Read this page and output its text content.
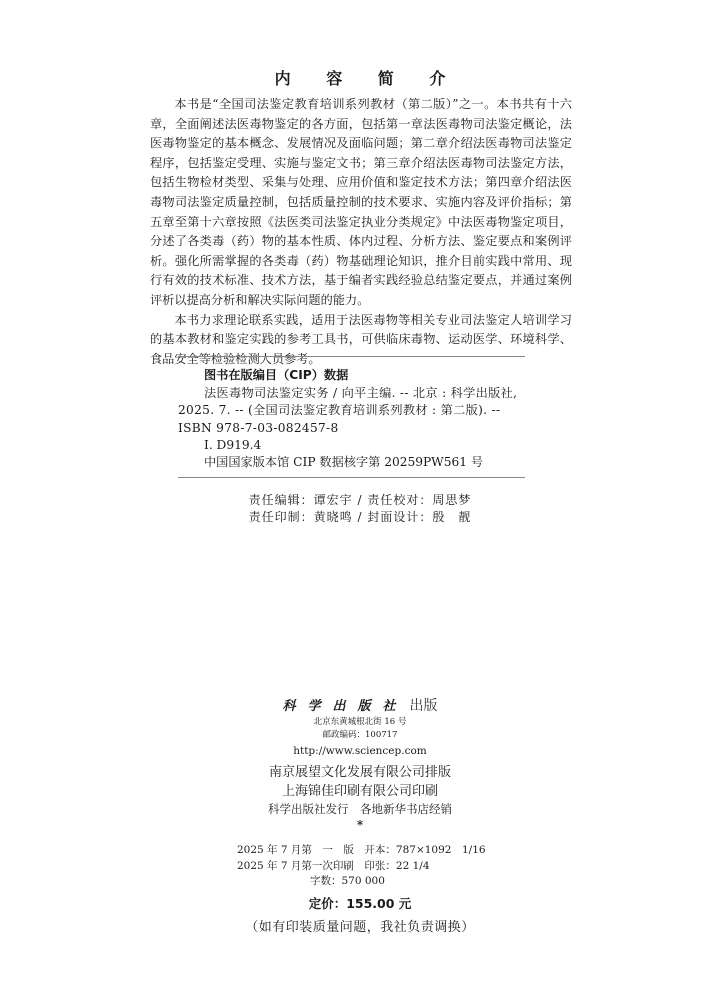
内 容 简 介

本书是“全国司法鉴定教育培训系列教材（第二版）”之一。本书共有十六章，全面阐述法医毒物鉴定的各方面，包括第一章法医毒物司法鉴定概论，法医毒物鉴定的基本概念、发展情况及面临问题；第二章介绍法医毒物司法鉴定程序，包括鉴定受理、实施与鉴定文书；第三章介绍法医毒物司法鉴定方法，包括生物检材类型、采集与处理、应用价值和鉴定技术方法；第四章介绍法医毒物司法鉴定质量控制，包括质量控制的技术要求、实施内容及评价指标；第五章至第十六章按照《法医类司法鉴定执业分类规定》中法医毒物鉴定项目，分述了各类毒（药）物的基本性质、体内过程、分析方法、鉴定要点和案例评析。强化所需掌握的各类毒（药）物基础理论知识，推介目前实践中常用、现行有效的技术标准、技术方法，基于编者实践经验总结鉴定要点，并通过案例评析以提高分析和解决实际问题的能力。

本书力求理论联系实践，适用于法医毒物等相关专业司法鉴定人培训学习的基本教材和鉴定实践的参考工具书，可供临床毒物、运动医学、环境科学、食品安全等检验检测人员参考。

图书在版编目（CIP）数据
法医毒物司法鉴定实务 / 向平主编. -- 北京 : 科学出版社, 2025. 7. -- (全国司法鉴定教育培训系列教材 : 第二版). -- ISBN 978-7-03-082457-8
Ⅰ. D919.4
中国国家版本馆 CIP 数据核字第 20259PW561 号
责任编辑：谭宏宇 / 责任校对：周思梦
责任印制：黄晓鸣 / 封面设计：殷　靓
科学出版社 出版
北京东黄城根北街 16 号
邮政编码：100717
http://www.sciencep.com
南京展望文化发展有限公司排版
上海锦佳印刷有限公司印刷
科学出版社发行　各地新华书店经销
*
2025 年 7 月第　一　版　开本：787×1092　1/16
2025 年 7 月第一次印刷　印张：22 1/4
字数：570 000
定价：155.00 元
（如有印装质量问题，我社负责调换）
